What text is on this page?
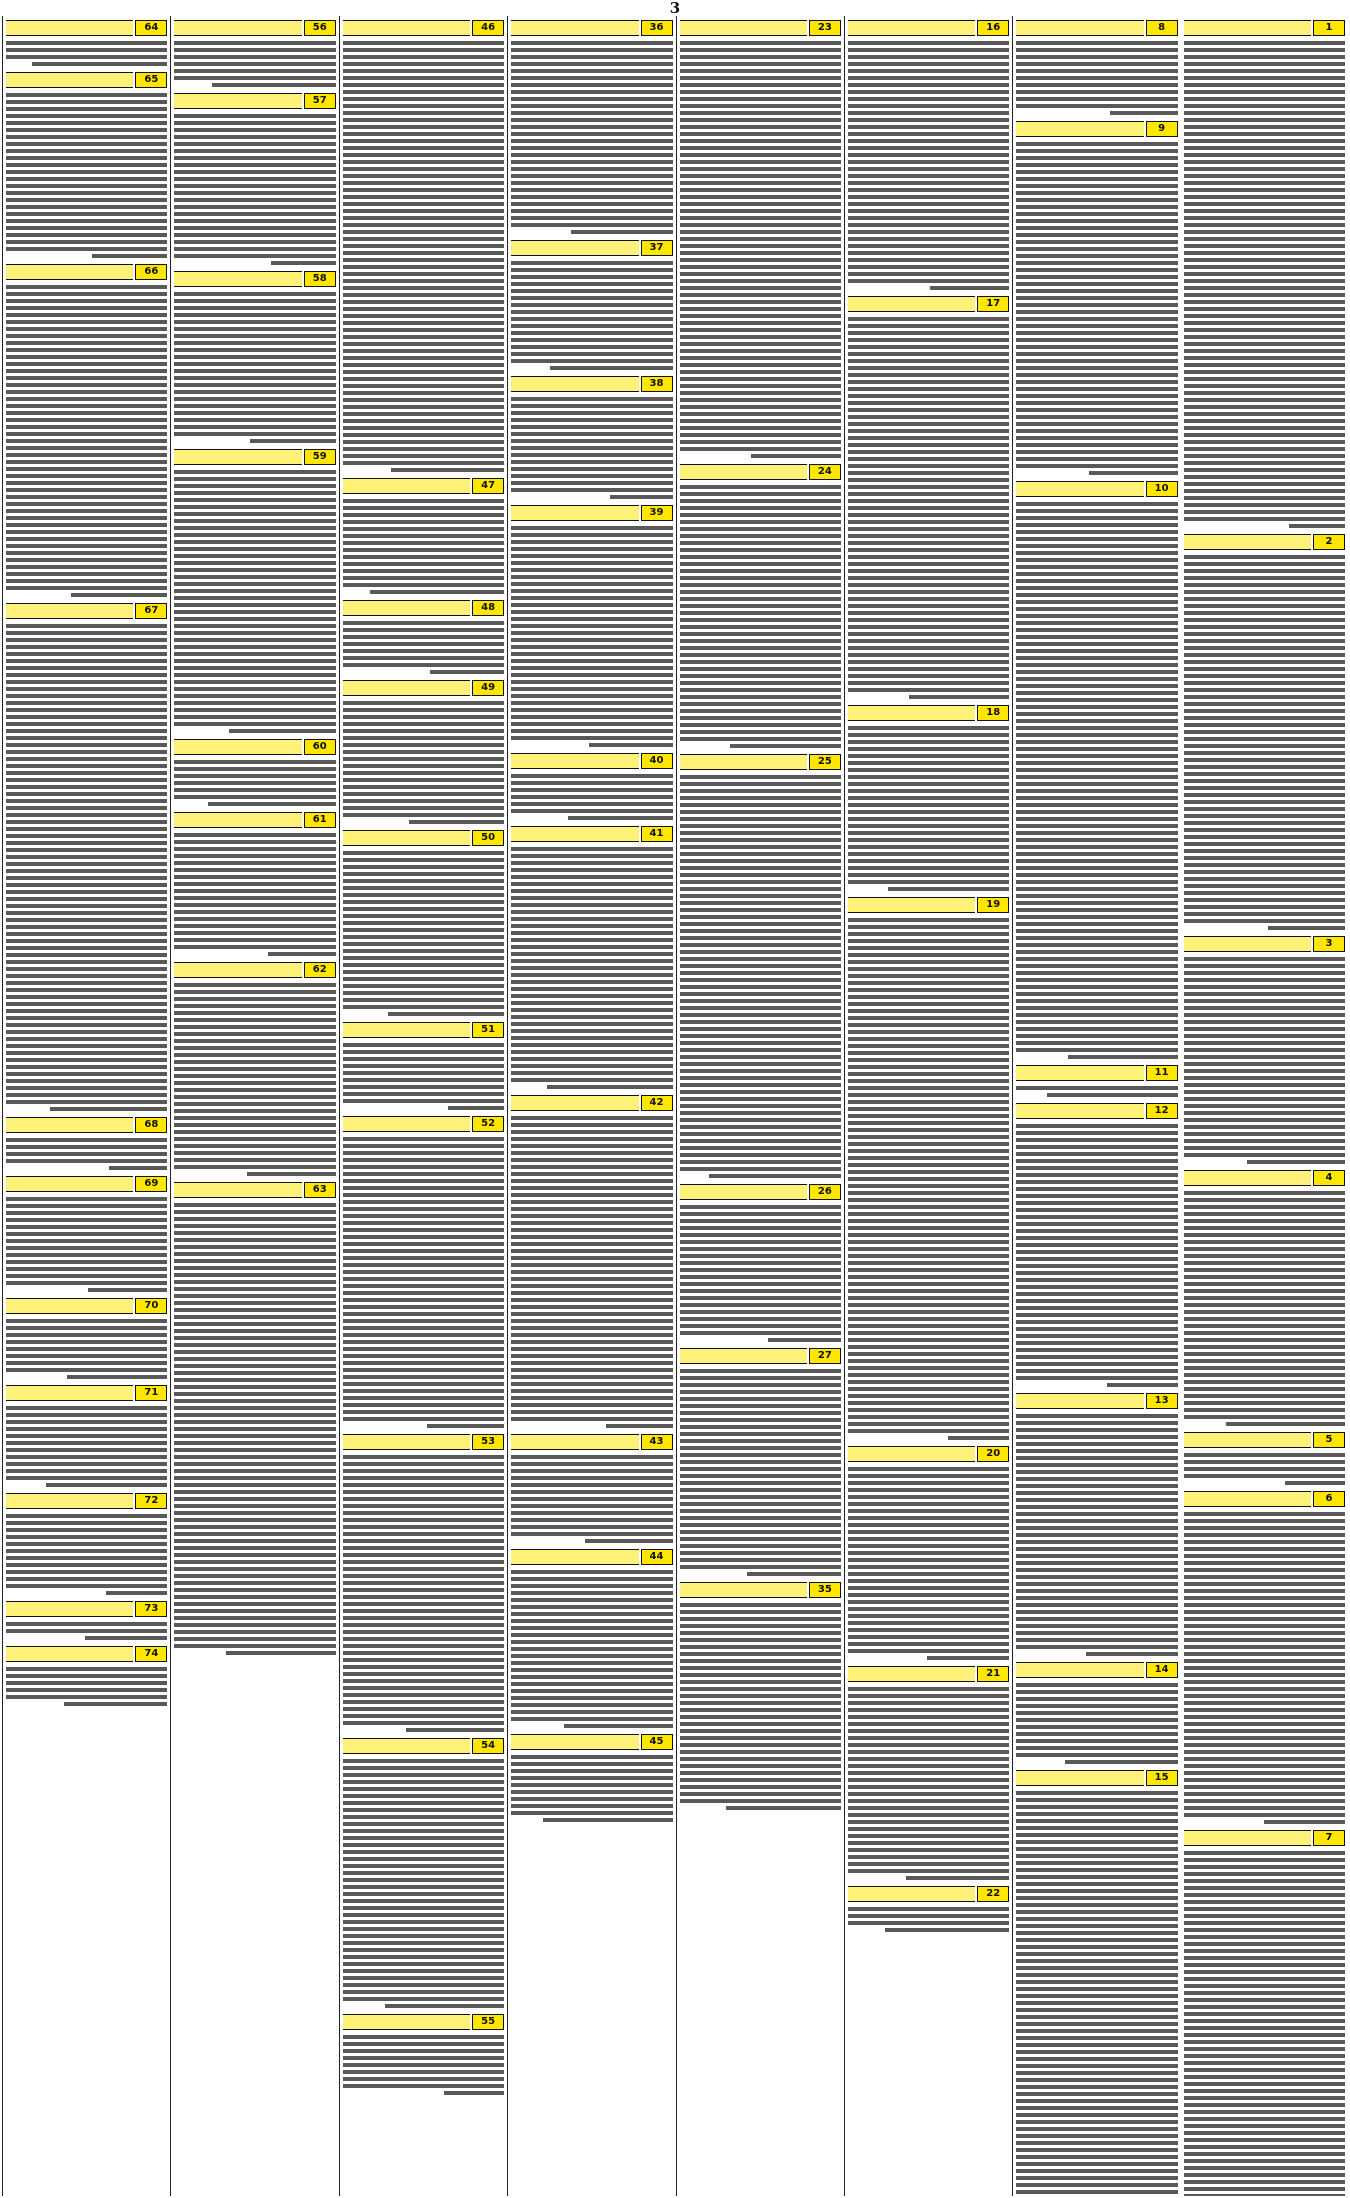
3
1
2
3
4
5
6
7
8
9
10
11
12
13
14
15
16
17
18
19
20
21
22
23
24
25
26
27
35
36
37
38
39
40
41
42
43
44
45
46
47
48
49
50
51
52
53
54
55
56
57
58
59
60
61
62
63
64
65
66
67
68
69
70
71
72
73
74
